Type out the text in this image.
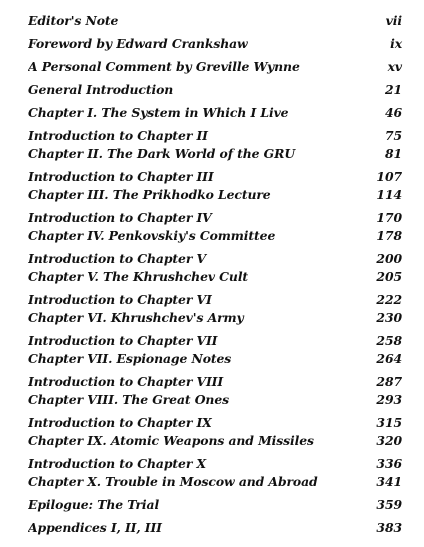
Editor's Note	vii
Foreword by Edward Crankshaw	ix
A Personal Comment by Greville Wynne	xv
General Introduction	21
Chapter I. The System in Which I Live	46
Introduction to Chapter II	75
Chapter II. The Dark World of the GRU	81
Introduction to Chapter III	107
Chapter III. The Prikhodko Lecture	114
Introduction to Chapter IV	170
Chapter IV. Penkovskiy's Committee	178
Introduction to Chapter V	200
Chapter V. The Khrushchev Cult	205
Introduction to Chapter VI	222
Chapter VI. Khrushchev's Army	230
Introduction to Chapter VII	258
Chapter VII. Espionage Notes	264
Introduction to Chapter VIII	287
Chapter VIII. The Great Ones	293
Introduction to Chapter IX	315
Chapter IX. Atomic Weapons and Missiles	320
Introduction to Chapter X	336
Chapter X. Trouble in Moscow and Abroad	341
Epilogue: The Trial	359
Appendices I, II, III	383
